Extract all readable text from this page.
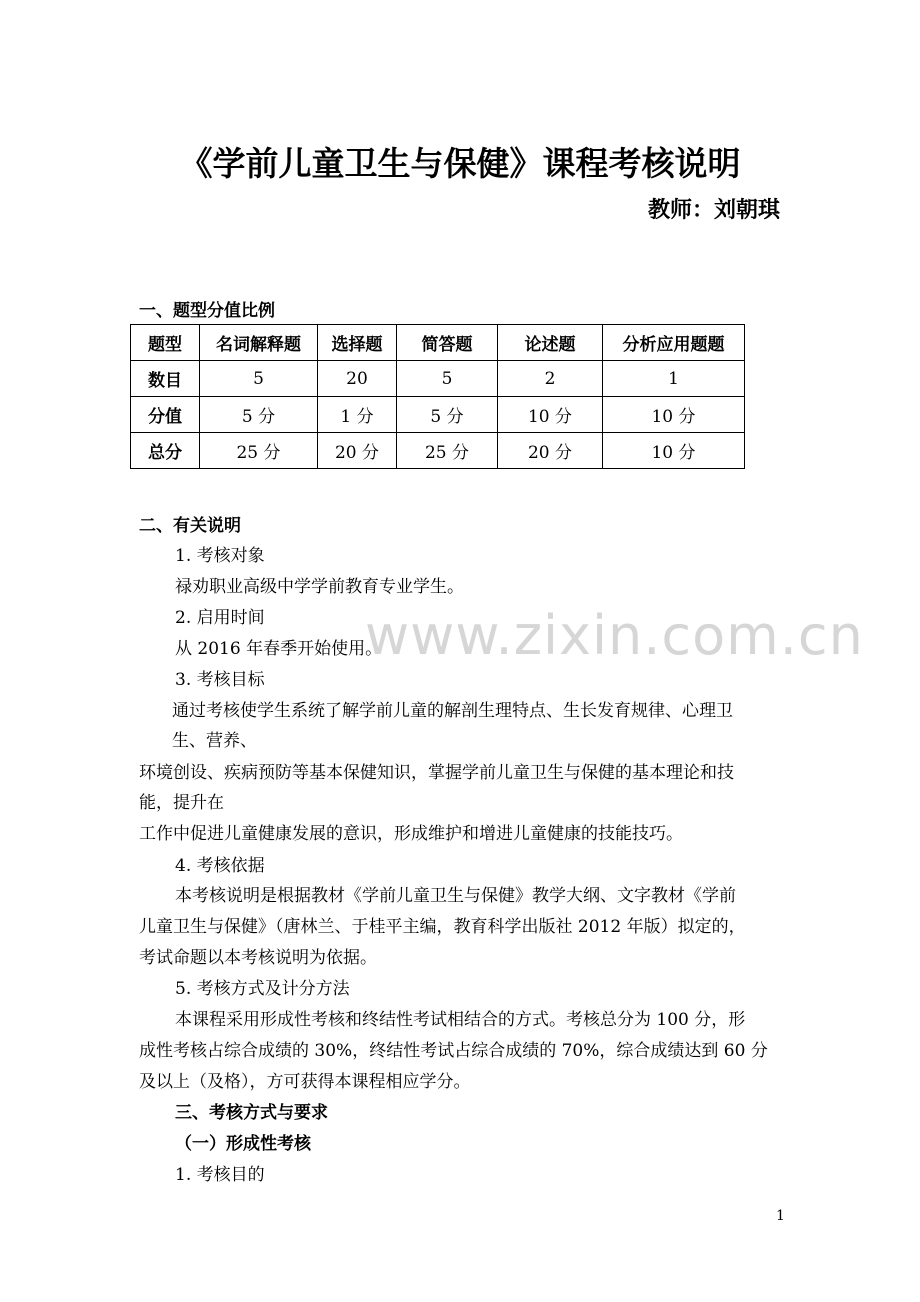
《学前儿童卫生与保健》课程考核说明
教师：刘朝琪
一、题型分值比例
题型	名词解释题	选择题	简答题	论述题	分析应用题题
数目	5	20	5	2	1
分值	5 分	1 分	5 分	10 分	10 分
总分	25 分	20 分	25 分	20 分	10 分
www.zixin.com.cn
二、有关说明
1. 考核对象
禄劝职业高级中学学前教育专业学生。
2. 启用时间
从 2016 年春季开始使用。
3. 考核目标
通过考核使学生系统了解学前儿童的解剖生理特点、生长发育规律、心理卫
生、营养、
环境创设、疾病预防等基本保健知识，掌握学前儿童卫生与保健的基本理论和技
能，提升在
工作中促进儿童健康发展的意识，形成维护和增进儿童健康的技能技巧。
4. 考核依据
本考核说明是根据教材《学前儿童卫生与保健》教学大纲、文字教材《学前
儿童卫生与保健》（唐林兰、于桂平主编，教育科学出版社 2012 年版）拟定的，
考试命题以本考核说明为依据。
5. 考核方式及计分方法
本课程采用形成性考核和终结性考试相结合的方式。考核总分为 100 分，形
成性考核占综合成绩的 30%，终结性考试占综合成绩的 70%，综合成绩达到 60 分
及以上（及格），方可获得本课程相应学分。
三、考核方式与要求
（一）形成性考核
1. 考核目的
1
